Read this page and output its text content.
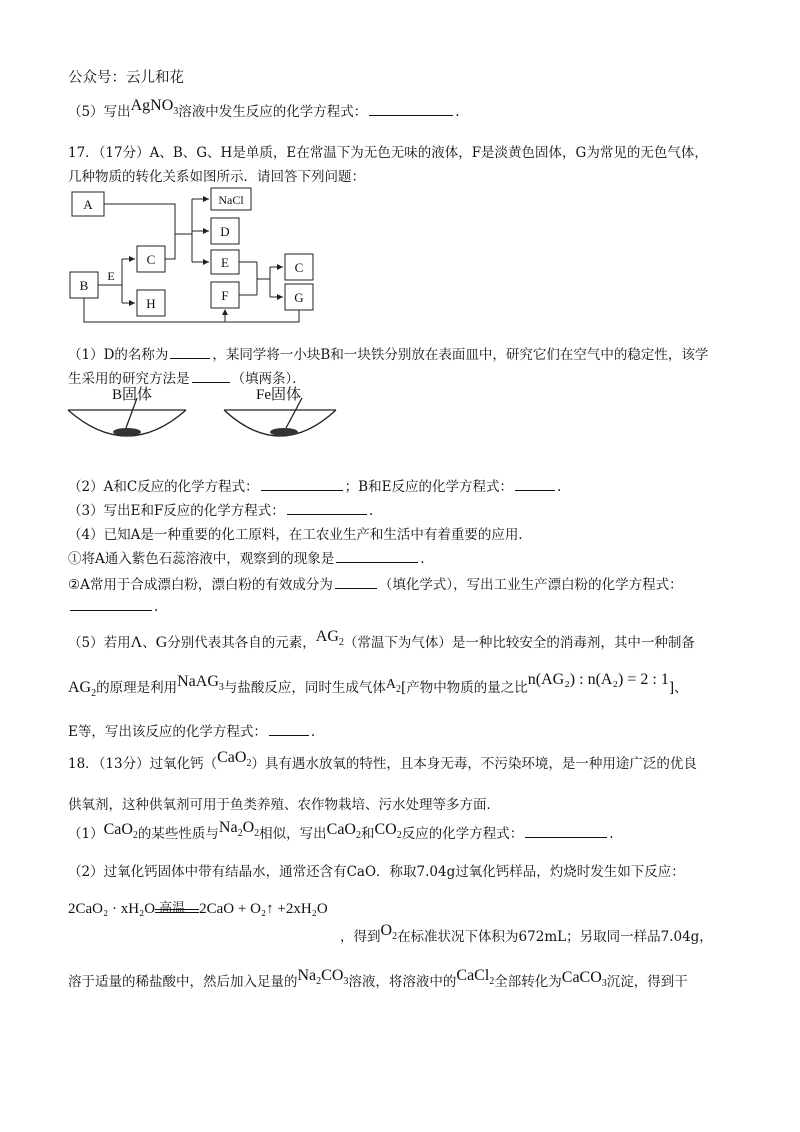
公众号：云儿和花
（5）写出AgNO$_3$溶液中发生反应的化学方程式：	.
17．（17分）A、B、G、H是单质，E在常温下为无色无味的液体，F是淡黄色固体，G为常见的无色气体，
几种物质的转化关系如图所示．请回答下列问题：
A	NaCl
D
C	E	C
B
H
F	G
E
（1）D的名称为	，某同学将一小块B和一块铁分别放在表面皿中，研究它们在空气中的稳定性，该学
生采用的研究方法是	（填两条）．
B固体	Fe固体
（2）A和C反应的化学方程式：	；B和E反应的化学方程式：	.
（3）写出E和F反应的化学方程式：	.
（4）已知A是一种重要的化工原料，在工农业生产和生活中有着重要的应用．
①将A通入紫色石蕊溶液中，观察到的现象是	.
②A常用于合成漂白粉，漂白粉的有效成分为	（填化学式），写出工业生产漂白粉的化学方程式：
.
（5）若用Λ、G分别代表其各自的元素，$AG_2$（常温下为气体）是一种比较安全的消毒剂，其中一种制备
$AG_2$的原理是利用NaAG$_3$与盐酸反应，同时生成气体$A_2$[产物中物质的量之比n(AG₂) : n(A₂) = 2 : 1]、
E等，写出该反应的化学方程式：	.
18．（13分）过氧化钙（CaO$_2$）具有遇水放氧的特性，且本身无毒，不污染环境，是一种用途广泛的优良
供氧剂，这种供氧剂可用于鱼类养殖、农作物栽培、污水处理等多方面．
（1）CaO$_2$的某些性质与$Na_2O_2$相似，写出CaO$_2$和$CO_2$反应的化学方程式：	.
（2）过氧化钙固体中带有结晶水，通常还含有CaO．称取7.04g过氧化钙样品，灼烧时发生如下反应：
2CaO₂ · xH₂O 高温 2CaO + O₂↑ +2xH₂O
，得到$O_2$在标准状况下体积为672mL；另取同一样品7.04g，
溶于适量的稀盐酸中，然后加入足量的$Na_2CO_3$溶液，将溶液中的CaCl$_2$全部转化为CaCO$_3$沉淀，得到干
